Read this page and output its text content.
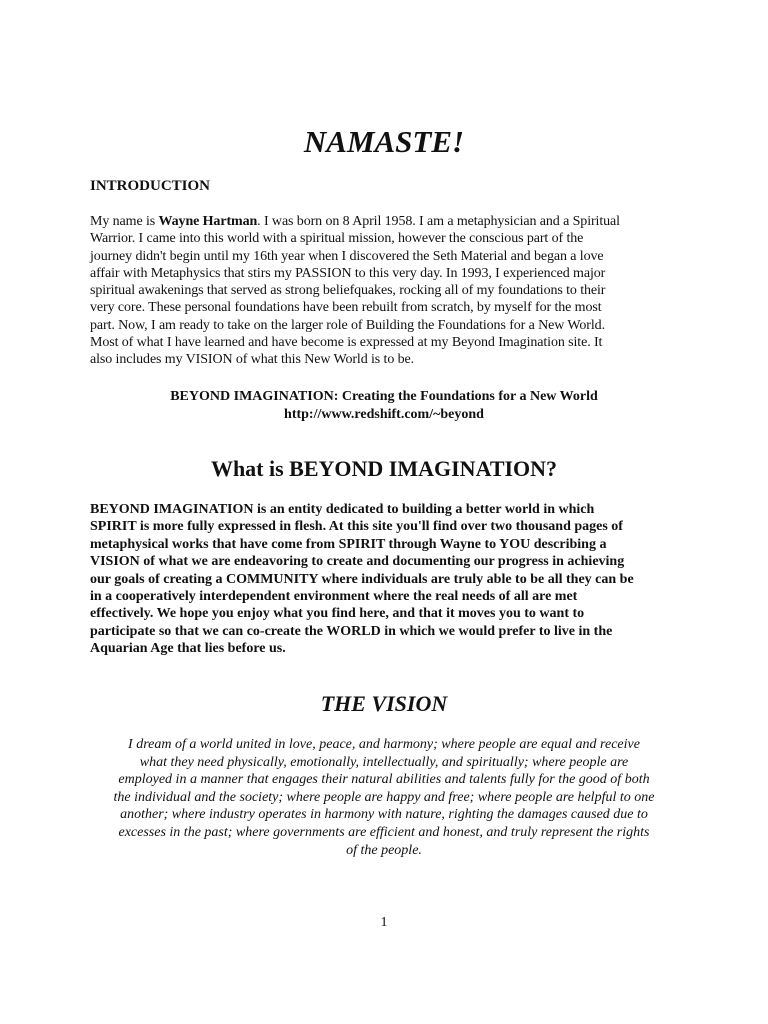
NAMASTE!
INTRODUCTION

My name is Wayne Hartman. I was born on 8 April 1958. I am a metaphysician and a Spiritual
Warrior. I came into this world with a spiritual mission, however the conscious part of the
journey didn't begin until my 16th year when I discovered the Seth Material and began a love
affair with Metaphysics that stirs my PASSION to this very day. In 1993, I experienced major
spiritual awakenings that served as strong beliefquakes, rocking all of my foundations to their
very core. These personal foundations have been rebuilt from scratch, by myself for the most
part. Now, I am ready to take on the larger role of Building the Foundations for a New World.
Most of what I have learned and have become is expressed at my Beyond Imagination site. It
also includes my VISION of what this New World is to be.

BEYOND IMAGINATION: Creating the Foundations for a New World
http://www.redshift.com/~beyond
What is BEYOND IMAGINATION?

BEYOND IMAGINATION is an entity dedicated to building a better world in which
SPIRIT is more fully expressed in flesh. At this site you'll find over two thousand pages of
metaphysical works that have come from SPIRIT through Wayne to YOU describing a
VISION of what we are endeavoring to create and documenting our progress in achieving
our goals of creating a COMMUNITY where individuals are truly able to be all they can be
in a cooperatively interdependent environment where the real needs of all are met
effectively. We hope you enjoy what you find here, and that it moves you to want to
participate so that we can co-create the WORLD in which we would prefer to live in the
Aquarian Age that lies before us.

THE VISION

I dream of a world united in love, peace, and harmony; where people are equal and receive
what they need physically, emotionally, intellectually, and spiritually; where people are
employed in a manner that engages their natural abilities and talents fully for the good of both
the individual and the society; where people are happy and free; where people are helpful to one
another; where industry operates in harmony with nature, righting the damages caused due to
excesses in the past; where governments are efficient and honest, and truly represent the rights
of the people.

1
